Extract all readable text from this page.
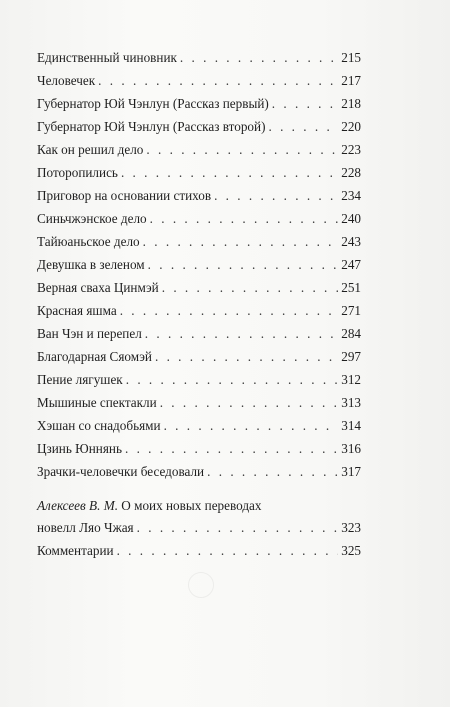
Единственный чиновник . . .	215
Человечек . . .	217
Губернатор Юй Чэнлун (Рассказ первый) . . .	218
Губернатор Юй Чэнлун (Рассказ второй) . . .	220
Как он решил дело . . .	223
Поторопились . . .	228
Приговор на основании стихов . . .	234
Синьчжэнское дело . . .	240
Тайюаньское дело . . .	243
Девушка в зеленом . . .	247
Верная сваха Цинмэй . . .	251
Красная яшма . . .	271
Ван Чэн и перепел . . .	284
Благодарная Сяомэй . . .	297
Пение лягушек . . .	312
Мышиные спектакли . . .	313
Хэшан со снадобьями . . .	314
Цзинь Юннянь . . .	316
Зрачки-человечки беседовали . . .	317
Алексеев В. М. О моих новых переводах
новелл Ляо Чжая . . .	323
Комментарии . . .	325
